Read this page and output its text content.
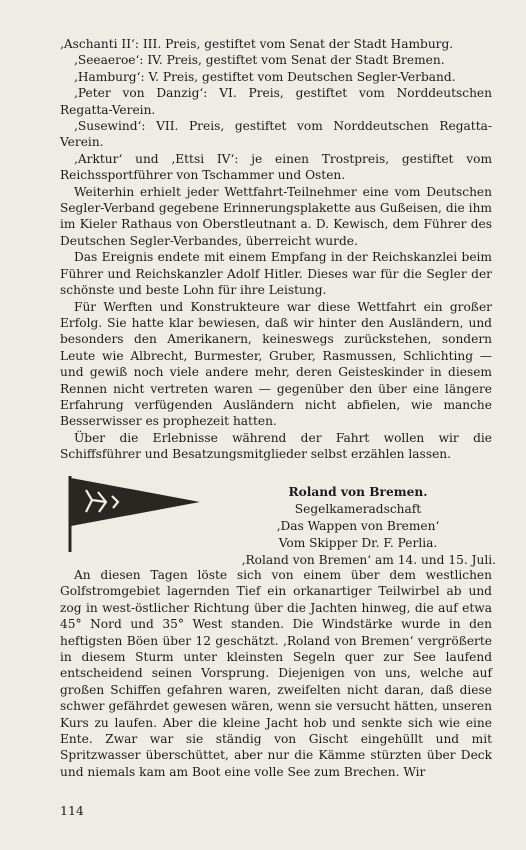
‚Aschanti II‘: III. Preis, gestiftet vom Senat der Stadt Hamburg.

‚Seeaeroe‘: IV. Preis, gestiftet vom Senat der Stadt Bremen.

‚Hamburg‘: V. Preis, gestiftet vom Deutschen Segler-Verband.

‚Peter von Danzig‘: VI. Preis, gestiftet vom Norddeutschen Regatta-Verein.

‚Susewind‘: VII. Preis, gestiftet vom Norddeutschen Regatta-Verein.

‚Arktur‘ und ‚Ettsi IV‘: je einen Trostpreis, gestiftet vom Reichssportführer von Tschammer und Osten.

Weiterhin erhielt jeder Wettfahrt-Teilnehmer eine vom Deutschen Segler-Verband gegebene Erinnerungsplakette aus Gußeisen, die ihm im Kieler Rathaus von Oberstleutnant a. D. Kewisch, dem Führer des Deutschen Segler-Verbandes, überreicht wurde.

Das Ereignis endete mit einem Empfang in der Reichskanzlei beim Führer und Reichskanzler Adolf Hitler. Dieses war für die Segler der schönste und beste Lohn für ihre Leistung.

Für Werften und Konstrukteure war diese Wettfahrt ein großer Erfolg. Sie hatte klar bewiesen, daß wir hinter den Ausländern, und besonders den Amerikanern, keineswegs zurückstehen, sondern Leute wie Albrecht, Burmester, Gruber, Rasmussen, Schlichting — und gewiß noch viele andere mehr, deren Geisteskinder in diesem Rennen nicht vertreten waren — gegenüber den über eine längere Erfahrung verfügenden Ausländern nicht abfielen, wie manche Besserwisser es prophezeit hatten.

Über die Erlebnisse während der Fahrt wollen wir die Schiffsführer und Besatzungsmitglieder selbst erzählen lassen.

Roland von Bremen.
Segelkameradschaft
‚Das Wappen von Bremen‘
Vom Skipper Dr. F. Perlia.
‚Roland von Bremen‘ am 14. und 15. Juli.

An diesen Tagen löste sich von einem über dem westlichen Golfstromgebiet lagernden Tief ein orkanartiger Teilwirbel ab und zog in west-östlicher Richtung über die Jachten hinweg, die auf etwa 45° Nord und 35° West standen. Die Windstärke wurde in den heftigsten Böen über 12 geschätzt. ‚Roland von Bremen‘ vergrößerte in diesem Sturm unter kleinsten Segeln quer zur See laufend entscheidend seinen Vorsprung. Diejenigen von uns, welche auf großen Schiffen gefahren waren, zweifelten nicht daran, daß diese schwer gefährdet gewesen wären, wenn sie versucht hätten, unseren Kurs zu laufen. Aber die kleine Jacht hob und senkte sich wie eine Ente. Zwar war sie ständig von Gischt eingehüllt und mit Spritzwasser überschüttet, aber nur die Kämme stürzten über Deck und niemals kam am Boot eine volle See zum Brechen. Wir

114
